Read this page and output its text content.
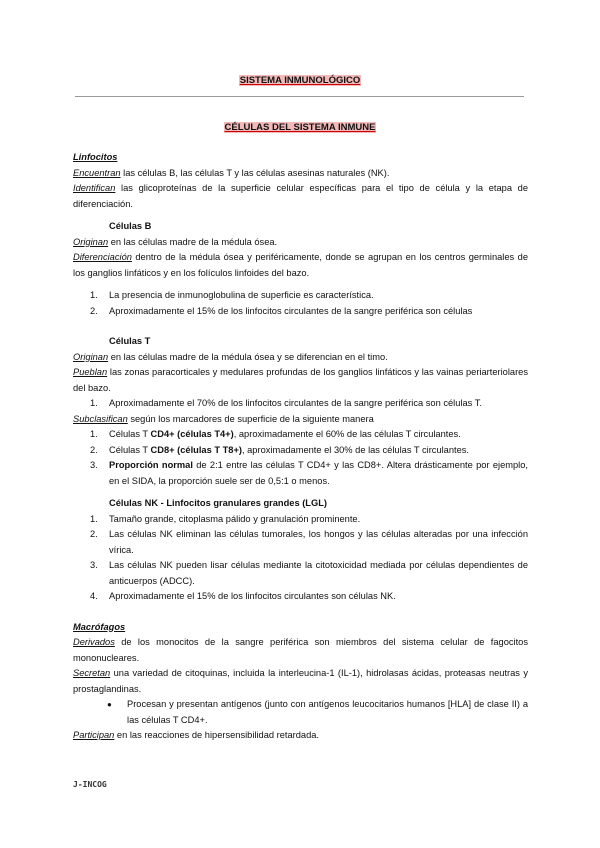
SISTEMA INMUNOLÓGICO
CÉLULAS DEL SISTEMA INMUNE
Linfocitos

Encuentran las células B, las células T y las células asesinas naturales (NK).

Identifican las glicoproteínas de la superficie celular específicas para el tipo de célula y la etapa de diferenciación.

Células B

Originan en las células madre de la médula ósea.

Diferenciación dentro de la médula ósea y periféricamente, donde se agrupan en los centros germinales de los ganglios linfáticos y en los folículos linfoides del bazo.

1. La presencia de inmunoglobulina de superficie es característica.
2. Aproximadamente el 15% de los linfocitos circulantes de la sangre periférica son células
Células T

Originan en las células madre de la médula ósea y se diferencian en el timo.

Pueblan las zonas paracorticales y medulares profundas de los ganglios linfáticos y las vainas periarteriolares del bazo.

1. Aproximadamente el 70% de los linfocitos circulantes de la sangre periférica son células T.

Subclasifican según los marcadores de superficie de la siguiente manera

1. Células T CD4+ (células T4+), aproximadamente el 60% de las células T circulantes.
2. Células T CD8+ (células T T8+), aproximadamente el 30% de las células T circulantes.
3. Proporción normal de 2:1 entre las células T CD4+ y las CD8+. Altera drásticamente por ejemplo, en el SIDA, la proporción suele ser de 0,5:1 o menos.
Células NK - Linfocitos granulares grandes (LGL)
1. Tamaño grande, citoplasma pálido y granulación prominente.
2. Las células NK eliminan las células tumorales, los hongos y las células alteradas por una infección vírica.
3. Las células NK pueden lisar células mediante la citotoxicidad mediada por células dependientes de anticuerpos (ADCC).
4. Aproximadamente el 15% de los linfocitos circulantes son células NK.
Macrófagos

Derivados de los monocitos de la sangre periférica son miembros del sistema celular de fagocitos mononucleares.

Secretan una variedad de citoquinas, incluida la interleucina-1 (IL-1), hidrolasas ácidas, proteasas neutras y prostaglandinas.

● Procesan y presentan antígenos (junto con antígenos leucocitarios humanos [HLA] de clase II) a las células T CD4+.

Participan en las reacciones de hipersensibilidad retardada.

J-INCOG
